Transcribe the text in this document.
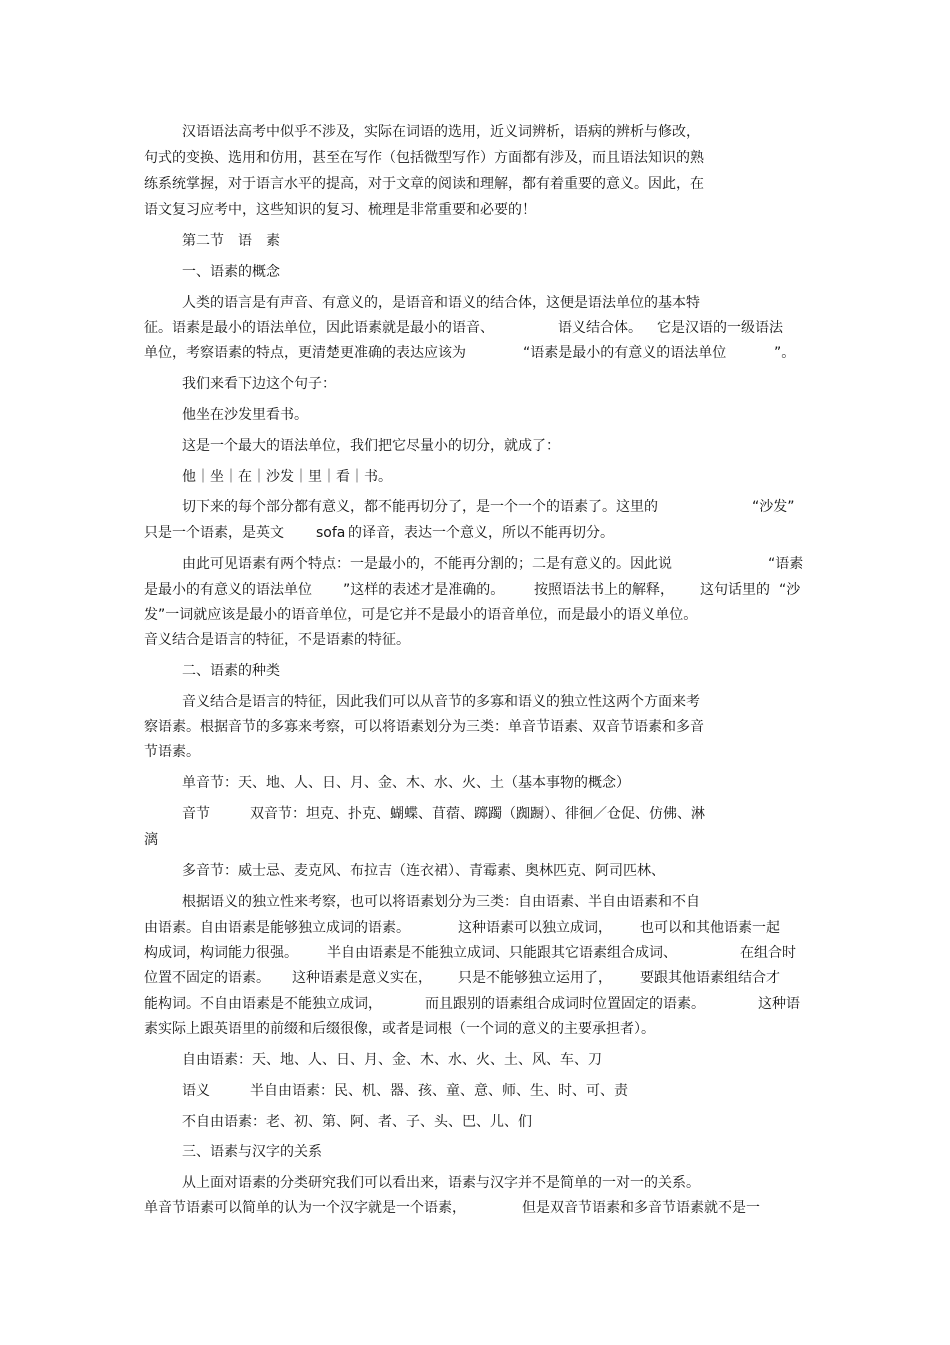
汉语语法高考中似乎不涉及，实际在词语的选用，近义词辨析，语病的辨析与修改，
句式的变换、选用和仿用，甚至在写作（包括微型写作）方面都有涉及，而且语法知识的熟
练系统掌握，对于语言水平的提高，对于文章的阅读和理解，都有着重要的意义。因此，在
语文复习应考中，这些知识的复习、梳理是非常重要和必要的！
第二节　语　素
一、语素的概念
人类的语言是有声音、有意义的，是语音和语义的结合体，这便是语法单位的基本特
征。语素是最小的语法单位，因此语素就是最小的语音、	语义结合体。 它是汉语的一级语法
单位，考察语素的特点，更清楚更准确的表达应该为	“语素是最小的有意义的语法单位	”。
我们来看下边这个句子：
他坐在沙发里看书。
这是一个最大的语法单位，我们把它尽量小的切分，就成了：
他｜坐｜在｜沙发｜里｜看｜书。
切下来的每个部分都有意义，都不能再切分了，是一个一个的语素了。这里的	“沙发”
只是一个语素，是英文 sofa 的译音，表达一个意义，所以不能再切分。
由此可见语素有两个特点：一是最小的，不能再分割的；二是有意义的。因此说	“语素
是最小的有意义的语法单位 ”这样的表述才是准确的。 按照语法书上的解释， 这句话里的 “沙
发”一词就应该是最小的语音单位，可是它并不是最小的语音单位，而是最小的语义单位。
音义结合是语言的特征，不是语素的特征。
二、语素的种类
音义结合是语言的特征，因此我们可以从音节的多寡和语义的独立性这两个方面来考
察语素。根据音节的多寡来考察，可以将语素划分为三类：单音节语素、双音节语素和多音
节语素。
单音节：天、地、人、日、月、金、木、水、火、土（基本事物的概念）
音节	双音节：坦克、扑克、蝴蝶、苜蓿、踯躅（踟蹰）、徘徊／仓促、仿佛、淋
漓
多音节：威士忌、麦克风、布拉吉（连衣裙）、青霉素、奥林匹克、阿司匹林、
根据语义的独立性来考察，也可以将语素划分为三类：自由语素、半自由语素和不自
由语素。自由语素是能够独立成词的语素。	这种语素可以独立成词， 也可以和其他语素一起
构成词，构词能力很强。 半自由语素是不能独立成词、只能跟其它语素组合成词、	在组合时
位置不固定的语素。 这种语素是意义实在， 只是不能够独立运用了， 要跟其他语素组结合才
能构词。不自由语素是不能独立成词，	而且跟别的语素组合成词时位置固定的语素。	这种语
素实际上跟英语里的前缀和后缀很像，或者是词根（一个词的意义的主要承担者）。
自由语素：天、地、人、日、月、金、木、水、火、土、风、车、刀
语义	半自由语素：民、机、器、孩、童、意、师、生、时、可、责
不自由语素：老、初、第、阿、者、子、头、巴、儿、们
三、语素与汉字的关系
从上面对语素的分类研究我们可以看出来，语素与汉字并不是简单的一对一的关系。
单音节语素可以简单的认为一个汉字就是一个语素，	但是双音节语素和多音节语素就不是一
